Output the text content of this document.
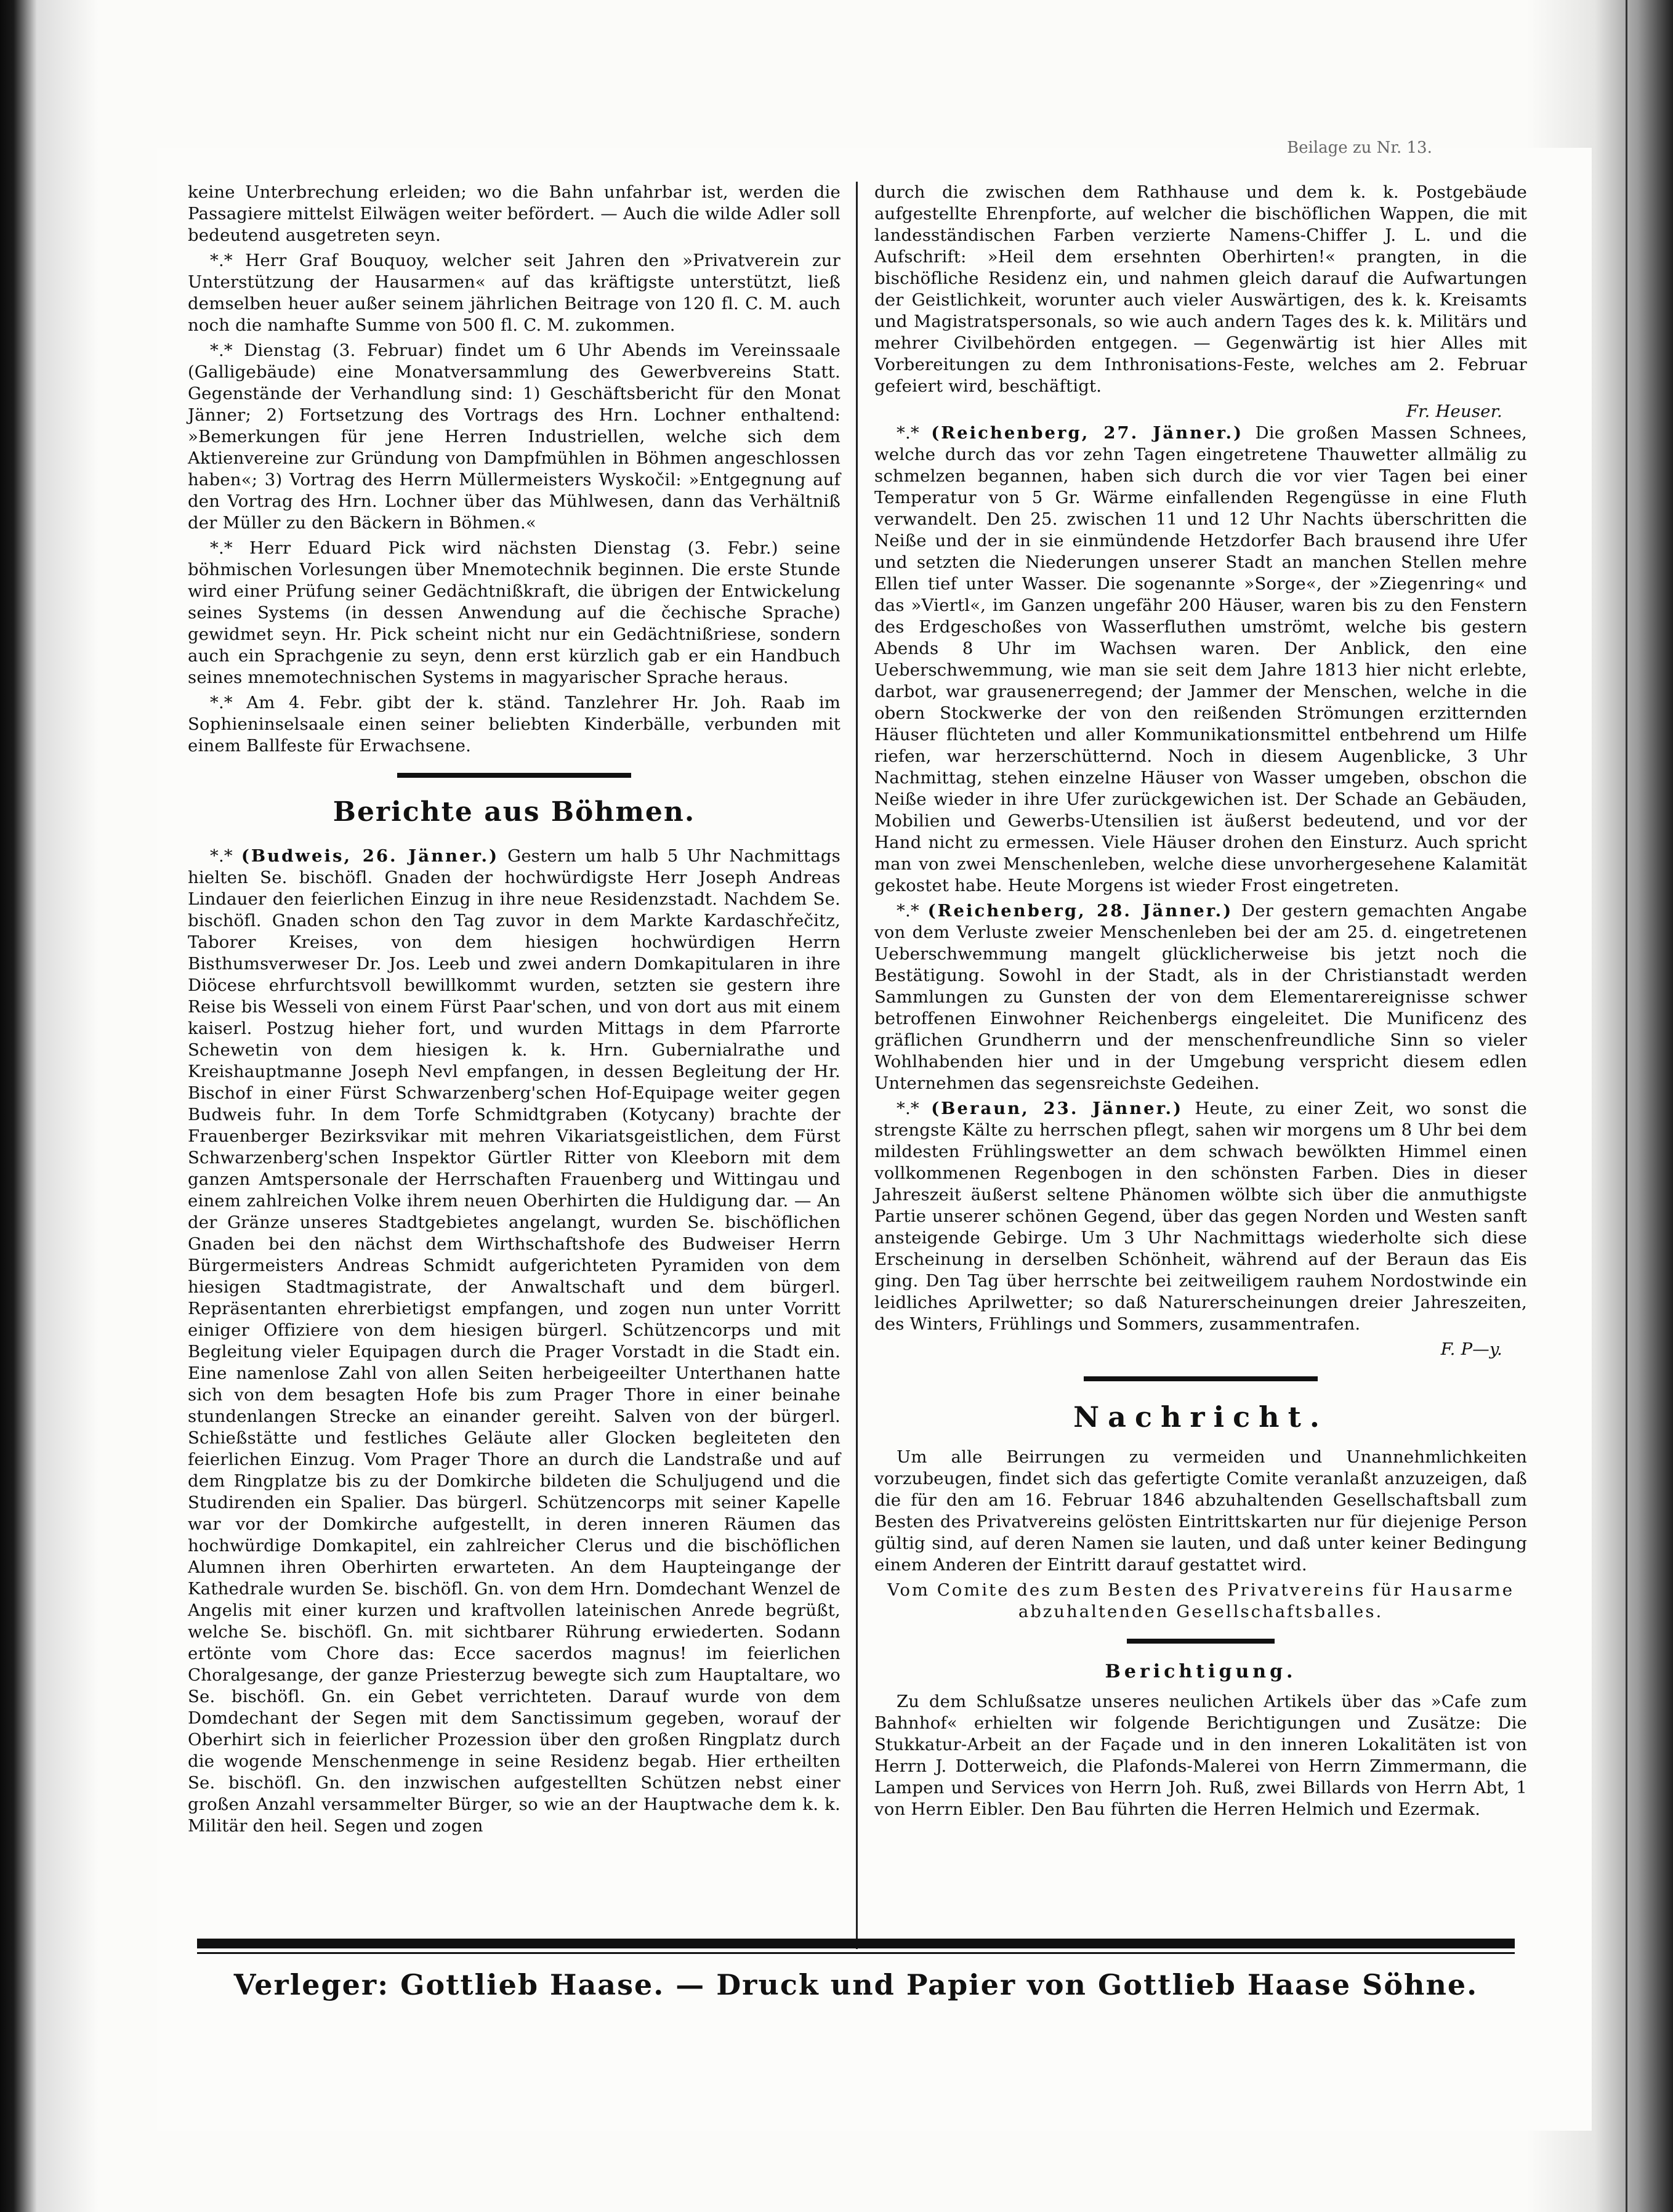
Beilage zu Nr. 13.

keine Unterbrechung erleiden; wo die Bahn unfahrbar ist, werden die Passagiere mittelst Eilwägen weiter befördert. — Auch die wilde Adler soll bedeutend ausgetreten seyn.

*.* Herr Graf Bouquoy, welcher seit Jahren den »Privatverein zur Unterstützung der Hausarmen« auf das kräftigste unterstützt, ließ demselben heuer außer seinem jährlichen Beitrage von 120 fl. C. M. auch noch die namhafte Summe von 500 fl. C. M. zukommen.

*.* Dienstag (3. Februar) findet um 6 Uhr Abends im Vereinssaale (Galligebäude) eine Monatversammlung des Gewerbvereins Statt. Gegenstände der Verhandlung sind: 1) Geschäftsbericht für den Monat Jänner; 2) Fortsetzung des Vortrags des Hrn. Lochner enthaltend: »Bemerkungen für jene Herren Industriellen, welche sich dem Aktienvereine zur Gründung von Dampfmühlen in Böhmen angeschlossen haben«; 3) Vortrag des Herrn Müllermeisters Wyskočil: »Entgegnung auf den Vortrag des Hrn. Lochner über das Mühlwesen, dann das Verhältniß der Müller zu den Bäckern in Böhmen.«

*.* Herr Eduard Pick wird nächsten Dienstag (3. Febr.) seine böhmischen Vorlesungen über Mnemotechnik beginnen. Die erste Stunde wird einer Prüfung seiner Gedächtnißkraft, die übrigen der Entwickelung seines Systems (in dessen Anwendung auf die čechische Sprache) gewidmet seyn. Hr. Pick scheint nicht nur ein Gedächtnißriese, sondern auch ein Sprachgenie zu seyn, denn erst kürzlich gab er ein Handbuch seines mnemotechnischen Systems in magyarischer Sprache heraus.

*.* Am 4. Febr. gibt der k. ständ. Tanzlehrer Hr. Joh. Raab im Sophieninselsaale einen seiner beliebten Kinderbälle, verbunden mit einem Ballfeste für Erwachsene.

Berichte aus Böhmen.

*.* (Budweis, 26. Jänner.) Gestern um halb 5 Uhr Nachmittags hielten Se. bischöfl. Gnaden der hochwürdigste Herr Joseph Andreas Lindauer den feierlichen Einzug in ihre neue Residenzstadt. Nachdem Se. bischöfl. Gnaden schon den Tag zuvor in dem Markte Kardaschřečitz, Taborer Kreises, von dem hiesigen hochwürdigen Herrn Bisthumsverweser Dr. Jos. Leeb und zwei andern Domkapitularen in ihre Diöcese ehrfurchtsvoll bewillkommt wurden, setzten sie gestern ihre Reise bis Wesseli von einem Fürst Paar'schen, und von dort aus mit einem kaiserl. Postzug hieher fort, und wurden Mittags in dem Pfarrorte Schewetin von dem hiesigen k. k. Hrn. Gubernialrathe und Kreishauptmanne Joseph Nevl empfangen, in dessen Begleitung der Hr. Bischof in einer Fürst Schwarzenberg'schen Hof-Equipage weiter gegen Budweis fuhr. In dem Torfe Schmidtgraben (Kotycany) brachte der Frauenberger Bezirksvikar mit mehren Vikariatsgeistlichen, dem Fürst Schwarzenberg'schen Inspektor Gürtler Ritter von Kleeborn mit dem ganzen Amtspersonale der Herrschaften Frauenberg und Wittingau und einem zahlreichen Volke ihrem neuen Oberhirten die Huldigung dar. — An der Gränze unseres Stadtgebietes angelangt, wurden Se. bischöflichen Gnaden bei den nächst dem Wirthschaftshofe des Budweiser Herrn Bürgermeisters Andreas Schmidt aufgerichteten Pyramiden von dem hiesigen Stadtmagistrate, der Anwaltschaft und dem bürgerl. Repräsentanten ehrerbietigst empfangen, und zogen nun unter Vorritt einiger Offiziere von dem hiesigen bürgerl. Schützencorps und mit Begleitung vieler Equipagen durch die Prager Vorstadt in die Stadt ein. Eine namenlose Zahl von allen Seiten herbeigeeilter Unterthanen hatte sich von dem besagten Hofe bis zum Prager Thore in einer beinahe stundenlangen Strecke an einander gereiht. Salven von der bürgerl. Schießstätte und festliches Geläute aller Glocken begleiteten den feierlichen Einzug. Vom Prager Thore an durch die Landstraße und auf dem Ringplatze bis zu der Domkirche bildeten die Schuljugend und die Studirenden ein Spalier. Das bürgerl. Schützencorps mit seiner Kapelle war vor der Domkirche aufgestellt, in deren inneren Räumen das hochwürdige Domkapitel, ein zahlreicher Clerus und die bischöflichen Alumnen ihren Oberhirten erwarteten. An dem Haupteingange der Kathedrale wurden Se. bischöfl. Gn. von dem Hrn. Domdechant Wenzel de Angelis mit einer kurzen und kraftvollen lateinischen Anrede begrüßt, welche Se. bischöfl. Gn. mit sichtbarer Rührung erwiederten. Sodann ertönte vom Chore das: Ecce sacerdos magnus! im feierlichen Choralgesange, der ganze Priesterzug bewegte sich zum Hauptaltare, wo Se. bischöfl. Gn. ein Gebet verrichteten. Darauf wurde von dem Domdechant der Segen mit dem Sanctissimum gegeben, worauf der Oberhirt sich in feierlicher Prozession über den großen Ringplatz durch die wogende Menschenmenge in seine Residenz begab. Hier ertheilten Se. bischöfl. Gn. den inzwischen aufgestellten Schützen nebst einer großen Anzahl versammelter Bürger, so wie an der Hauptwache dem k. k. Militär den heil. Segen und zogen

durch die zwischen dem Rathhause und dem k. k. Postgebäude aufgestellte Ehrenpforte, auf welcher die bischöflichen Wappen, die mit landesständischen Farben verzierte Namens-Chiffer J. L. und die Aufschrift: »Heil dem ersehnten Oberhirten!« prangten, in die bischöfliche Residenz ein, und nahmen gleich darauf die Aufwartungen der Geistlichkeit, worunter auch vieler Auswärtigen, des k. k. Kreisamts und Magistratspersonals, so wie auch andern Tages des k. k. Militärs und mehrer Civilbehörden entgegen. — Gegenwärtig ist hier Alles mit Vorbereitungen zu dem Inthronisations-Feste, welches am 2. Februar gefeiert wird, beschäftigt.

Fr. Heuser.

*.* (Reichenberg, 27. Jänner.) Die großen Massen Schnees, welche durch das vor zehn Tagen eingetretene Thauwetter allmälig zu schmelzen begannen, haben sich durch die vor vier Tagen bei einer Temperatur von 5 Gr. Wärme einfallenden Regengüsse in eine Fluth verwandelt. Den 25. zwischen 11 und 12 Uhr Nachts überschritten die Neiße und der in sie einmündende Hetzdorfer Bach brausend ihre Ufer und setzten die Niederungen unserer Stadt an manchen Stellen mehre Ellen tief unter Wasser. Die sogenannte »Sorge«, der »Ziegenring« und das »Viertl«, im Ganzen ungefähr 200 Häuser, waren bis zu den Fenstern des Erdgeschoßes von Wasserfluthen umströmt, welche bis gestern Abends 8 Uhr im Wachsen waren. Der Anblick, den eine Ueberschwemmung, wie man sie seit dem Jahre 1813 hier nicht erlebte, darbot, war grausenerregend; der Jammer der Menschen, welche in die obern Stockwerke der von den reißenden Strömungen erzitternden Häuser flüchteten und aller Kommunikationsmittel entbehrend um Hilfe riefen, war herzerschütternd. Noch in diesem Augenblicke, 3 Uhr Nachmittag, stehen einzelne Häuser von Wasser umgeben, obschon die Neiße wieder in ihre Ufer zurückgewichen ist. Der Schade an Gebäuden, Mobilien und Gewerbs-Utensilien ist äußerst bedeutend, und vor der Hand nicht zu ermessen. Viele Häuser drohen den Einsturz. Auch spricht man von zwei Menschenleben, welche diese unvorhergesehene Kalamität gekostet habe. Heute Morgens ist wieder Frost eingetreten.

*.* (Reichenberg, 28. Jänner.) Der gestern gemachten Angabe von dem Verluste zweier Menschenleben bei der am 25. d. eingetretenen Ueberschwemmung mangelt glücklicherweise bis jetzt noch die Bestätigung. Sowohl in der Stadt, als in der Christianstadt werden Sammlungen zu Gunsten der von dem Elementarereignisse schwer betroffenen Einwohner Reichenbergs eingeleitet. Die Munificenz des gräflichen Grundherrn und der menschenfreundliche Sinn so vieler Wohlhabenden hier und in der Umgebung verspricht diesem edlen Unternehmen das segensreichste Gedeihen.

*.* (Beraun, 23. Jänner.) Heute, zu einer Zeit, wo sonst die strengste Kälte zu herrschen pflegt, sahen wir morgens um 8 Uhr bei dem mildesten Frühlingswetter an dem schwach bewölkten Himmel einen vollkommenen Regenbogen in den schönsten Farben. Dies in dieser Jahreszeit äußerst seltene Phänomen wölbte sich über die anmuthigste Partie unserer schönen Gegend, über das gegen Norden und Westen sanft ansteigende Gebirge. Um 3 Uhr Nachmittags wiederholte sich diese Erscheinung in derselben Schönheit, während auf der Beraun das Eis ging. Den Tag über herrschte bei zeitweiligem rauhem Nordostwinde ein leidliches Aprilwetter; so daß Naturerscheinungen dreier Jahreszeiten, des Winters, Frühlings und Sommers, zusammentrafen.

F. P—y.
Nachricht.

Um alle Beirrungen zu vermeiden und Unannehmlichkeiten vorzubeugen, findet sich das gefertigte Comite veranlaßt anzuzeigen, daß die für den am 16. Februar 1846 abzuhaltenden Gesellschaftsball zum Besten des Privatvereins gelösten Eintrittskarten nur für diejenige Person gültig sind, auf deren Namen sie lauten, und daß unter keiner Bedingung einem Anderen der Eintritt darauf gestattet wird.

Vom Comite des zum Besten des Privatvereins für Hausarme abzuhaltenden Gesellschaftsballes.
Berichtigung.

Zu dem Schlußsatze unseres neulichen Artikels über das »Cafe zum Bahnhof« erhielten wir folgende Berichtigungen und Zusätze: Die Stukkatur-Arbeit an der Façade und in den inneren Lokalitäten ist von Herrn J. Dotterweich, die Plafonds-Malerei von Herrn Zimmermann, die Lampen und Services von Herrn Joh. Ruß, zwei Billards von Herrn Abt, 1 von Herrn Eibler. Den Bau führten die Herren Helmich und Ezermak.

Verleger: Gottlieb Haase. — Druck und Papier von Gottlieb Haase Söhne.
